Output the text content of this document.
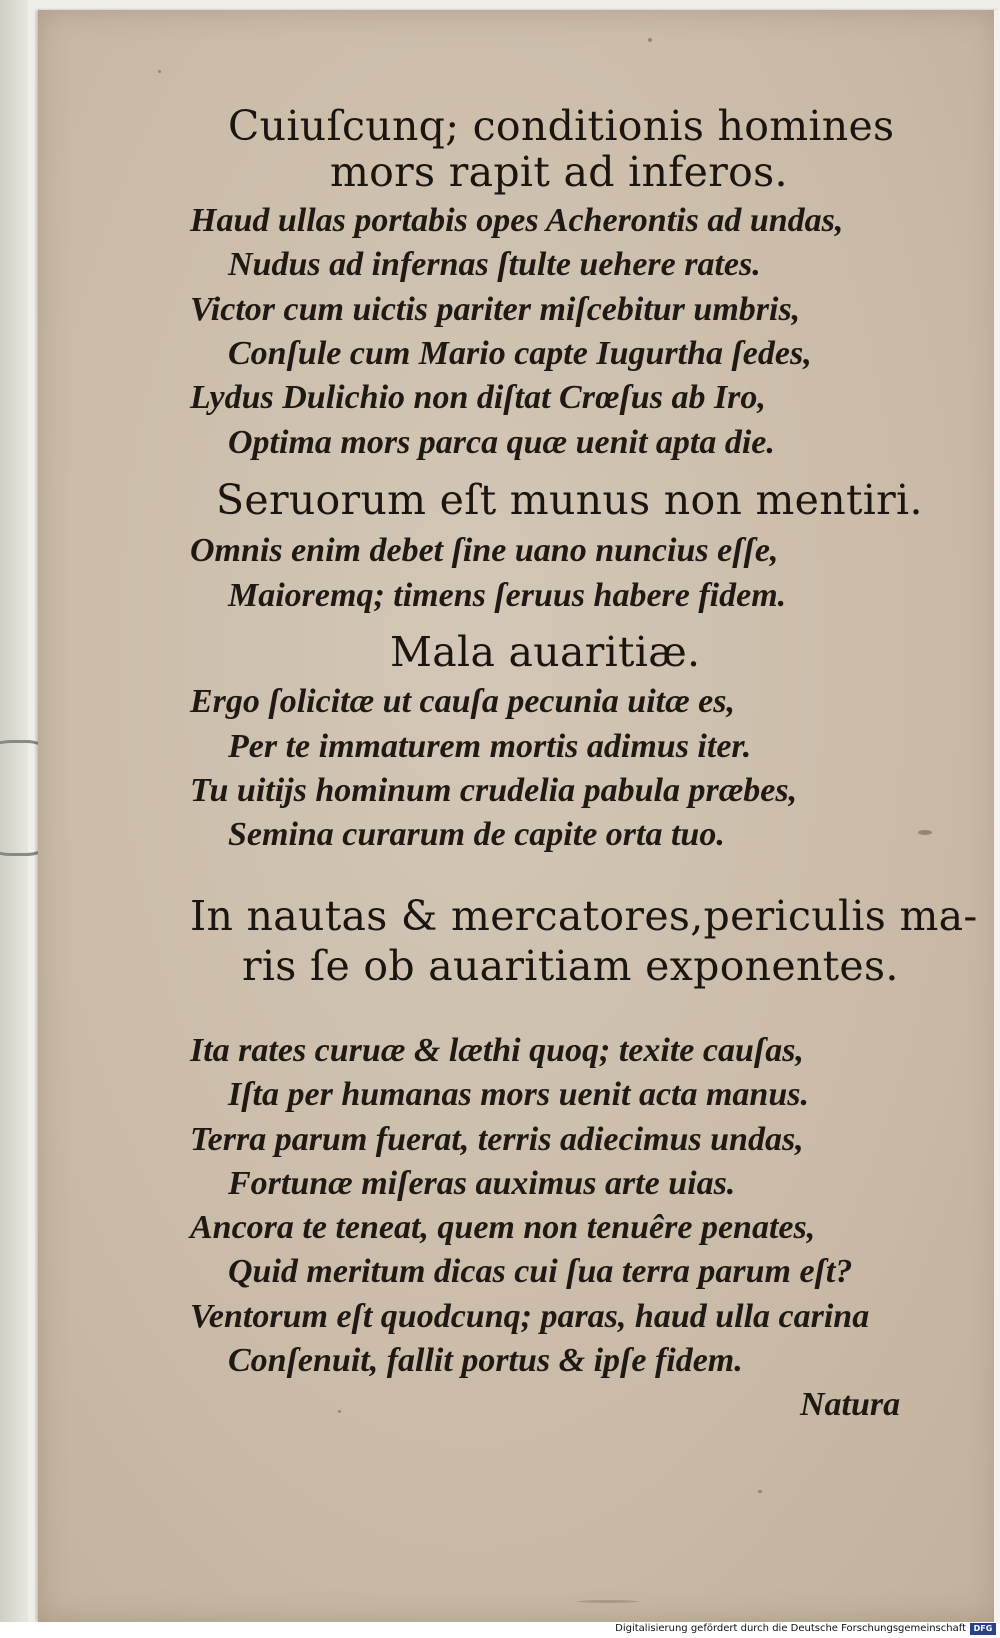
Cuiuſcunq; conditionis homines
mors rapit ad inferos.
Haud ullas portabis opes Acherontis ad undas,
Nudus ad infernas ſtulte uehere rates.
Victor cum uictis pariter miſcebitur umbris,
Conſule cum Mario capte Iugurtha ſedes,
Lydus Dulichio non diſtat Crœſus ab Iro,
Optima mors parca quæ uenit apta die.
Seruorum eſt munus non mentiri.
Omnis enim debet ſine uano nuncius eſſe,
Maioremq; timens ſeruus habere fidem.
Mala auaritiæ.
Ergo ſolicitæ ut cauſa pecunia uitæ es,
Per te immaturem mortis adimus iter.
Tu uitijs hominum crudelia pabula præbes,
Semina curarum de capite orta tuo.
In nautas & mercatores,periculis ma-
ris ſe ob auaritiam exponentes.
Ita rates curuæ & læthi quoq; texite cauſas,
Iſta per humanas mors uenit acta manus.
Terra parum fuerat, terris adiecimus undas,
Fortunæ miſeras auximus arte uias.
Ancora te teneat, quem non tenuêre penates,
Quid meritum dicas cui ſua terra parum eſt?
Ventorum eſt quodcunq; paras, haud ulla carina
Conſenuit, fallit portus & ipſe fidem.
Natura
Digitalisierung gefördert durch die Deutsche Forschungsgemeinschaft DFG
